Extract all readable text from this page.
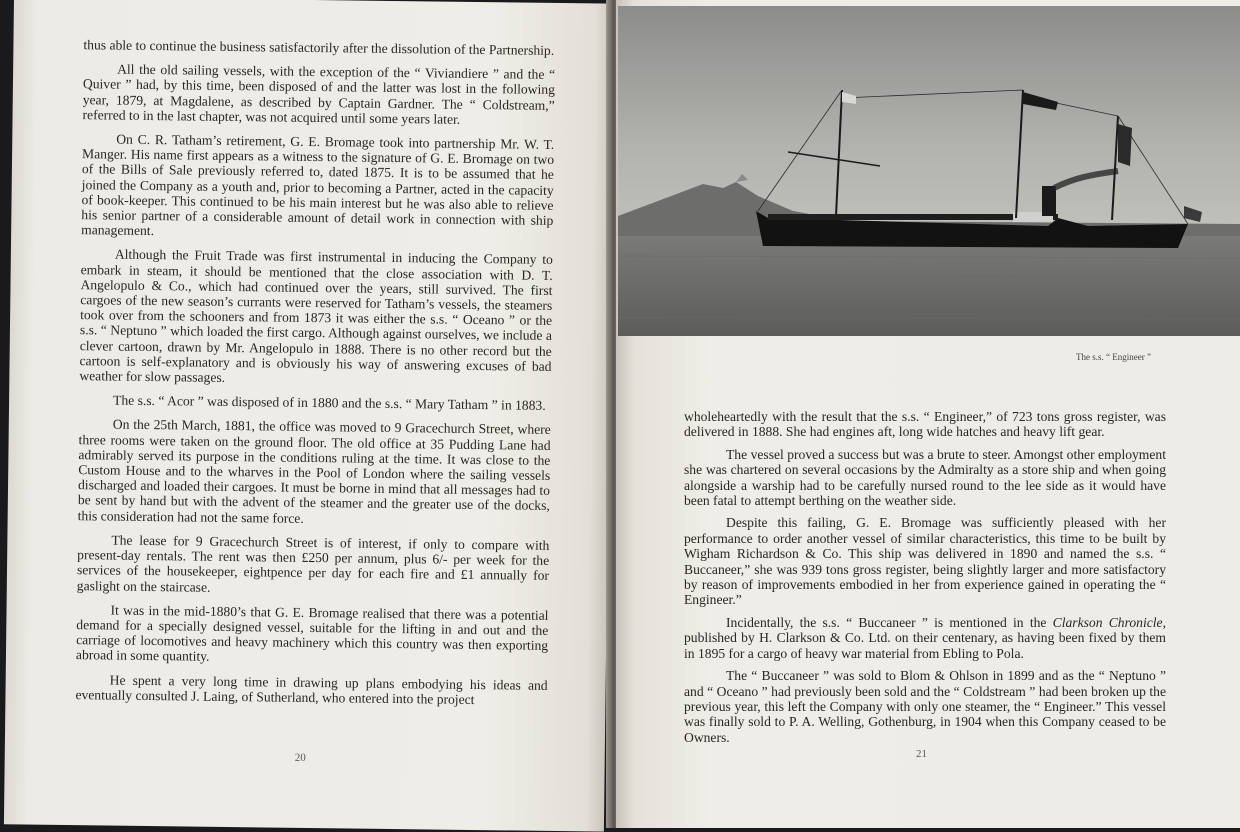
thus able to continue the business satisfactorily after the dissolution of the Partnership.

All the old sailing vessels, with the exception of the “ Viviandiere ” and the “ Quiver ” had, by this time, been disposed of and the latter was lost in the following year, 1879, at Magdalene, as described by Captain Gardner. The “ Coldstream,” referred to in the last chapter, was not acquired until some years later.

On C. R. Tatham’s retirement, G. E. Bromage took into partnership Mr. W. T. Manger. His name first appears as a witness to the signature of G. E. Bromage on two of the Bills of Sale previously referred to, dated 1875. It is to be assumed that he joined the Company as a youth and, prior to becoming a Partner, acted in the capacity of book-keeper. This continued to be his main interest but he was also able to relieve his senior partner of a considerable amount of detail work in connection with ship management.

Although the Fruit Trade was first instrumental in inducing the Company to embark in steam, it should be mentioned that the close association with D. T. Angelopulo & Co., which had continued over the years, still survived. The first cargoes of the new season’s currants were reserved for Tatham’s vessels, the steamers took over from the schooners and from 1873 it was either the s.s. “ Oceano ” or the s.s. “ Neptuno ” which loaded the first cargo. Although against ourselves, we include a clever cartoon, drawn by Mr. Angelopulo in 1888. There is no other record but the cartoon is self-explanatory and is obviously his way of answering excuses of bad weather for slow passages.

The s.s. “ Acor ” was disposed of in 1880 and the s.s. “ Mary Tatham ” in 1883.

On the 25th March, 1881, the office was moved to 9 Gracechurch Street, where three rooms were taken on the ground floor. The old office at 35 Pudding Lane had admirably served its purpose in the conditions ruling at the time. It was close to the Custom House and to the wharves in the Pool of London where the sailing vessels discharged and loaded their cargoes. It must be borne in mind that all messages had to be sent by hand but with the advent of the steamer and the greater use of the docks, this consideration had not the same force.

The lease for 9 Gracechurch Street is of interest, if only to compare with present-day rentals. The rent was then £250 per annum, plus 6/- per week for the services of the housekeeper, eightpence per day for each fire and £1 annually for gaslight on the staircase.

It was in the mid-1880’s that G. E. Bromage realised that there was a potential demand for a specially designed vessel, suitable for the lifting in and out and the carriage of locomotives and heavy machinery which this country was then exporting abroad in some quantity.

He spent a very long time in drawing up plans embodying his ideas and eventually consulted J. Laing, of Sutherland, who entered into the project

20
The s.s. “ Engineer ”

wholeheartedly with the result that the s.s. “ Engineer,” of 723 tons gross register, was delivered in 1888. She had engines aft, long wide hatches and heavy lift gear.

The vessel proved a success but was a brute to steer. Amongst other employment she was chartered on several occasions by the Admiralty as a store ship and when going alongside a warship had to be carefully nursed round to the lee side as it would have been fatal to attempt berthing on the weather side.

Despite this failing, G. E. Bromage was sufficiently pleased with her performance to order another vessel of similar characteristics, this time to be built by Wigham Richardson & Co. This ship was delivered in 1890 and named the s.s. “ Buccaneer,” she was 939 tons gross register, being slightly larger and more satisfactory by reason of improvements embodied in her from experience gained in operating the “ Engineer.”

Incidentally, the s.s. “ Buccaneer ” is mentioned in the Clarkson Chronicle, published by H. Clarkson & Co. Ltd. on their centenary, as having been fixed by them in 1895 for a cargo of heavy war material from Ebling to Pola.

The “ Buccaneer ” was sold to Blom & Ohlson in 1899 and as the “ Neptuno ” and “ Oceano ” had previously been sold and the “ Coldstream ” had been broken up the previous year, this left the Company with only one steamer, the “ Engineer.” This vessel was finally sold to P. A. Welling, Gothenburg, in 1904 when this Company ceased to be Owners.

21
